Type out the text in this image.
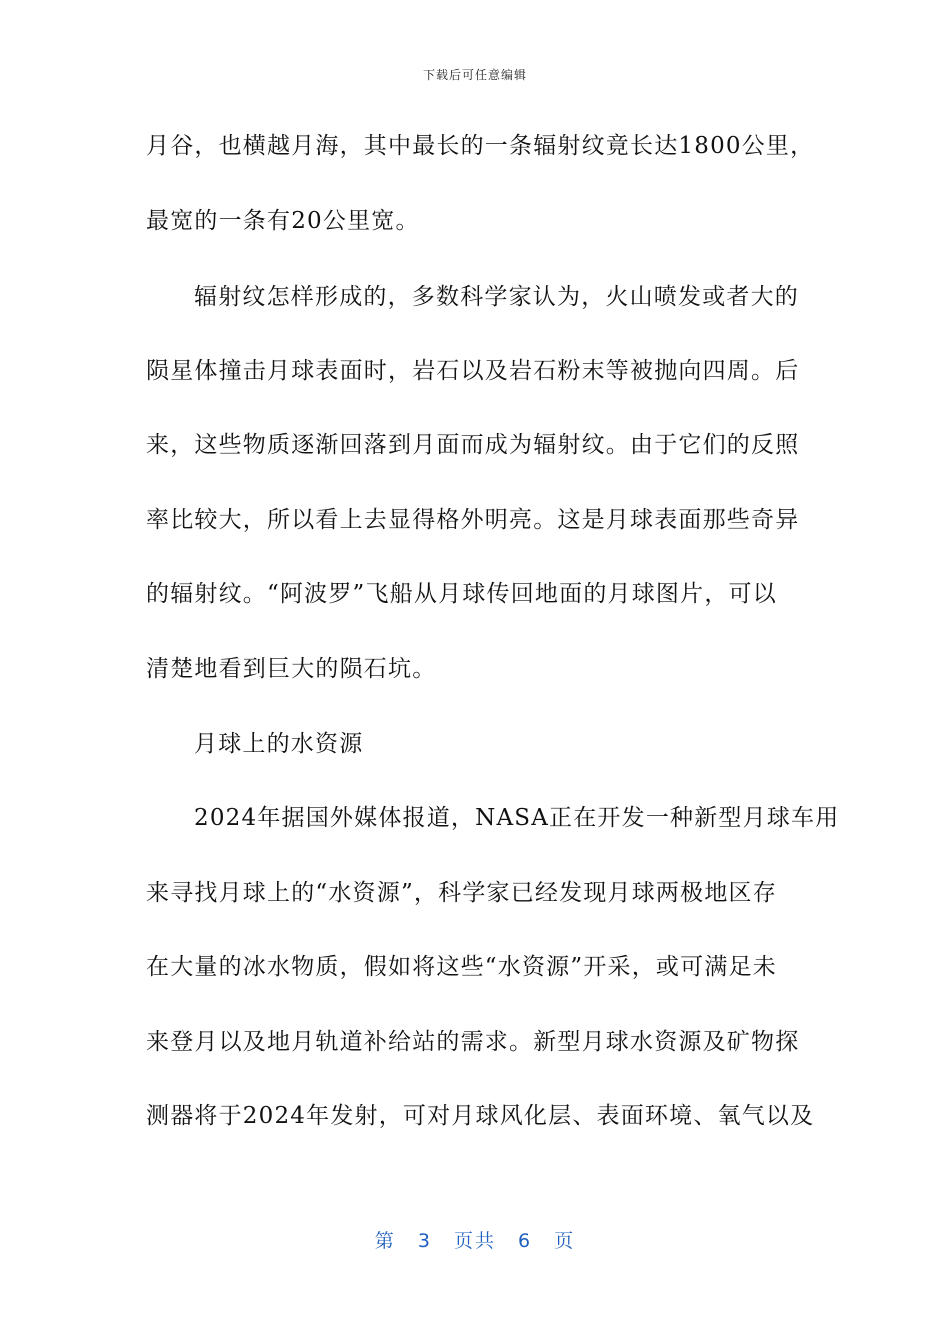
下载后可任意编辑
月谷，也横越月海，其中最长的一条辐射纹竟长达1800公里，
最宽的一条有20公里宽。
辐射纹怎样形成的，多数科学家认为，火山喷发或者大的
陨星体撞击月球表面时，岩石以及岩石粉末等被抛向四周。后
来，这些物质逐渐回落到月面而成为辐射纹。由于它们的反照
率比较大，所以看上去显得格外明亮。这是月球表面那些奇异
的辐射纹。“阿波罗”飞船从月球传回地面的月球图片，可以
清楚地看到巨大的陨石坑。
月球上的水资源
2024年据国外媒体报道，NASA正在开发一种新型月球车用
来寻找月球上的“水资源”，科学家已经发现月球两极地区存
在大量的冰水物质，假如将这些“水资源”开采，或可满足未
来登月以及地月轨道补给站的需求。新型月球水资源及矿物探
测器将于2024年发射，可对月球风化层、表面环境、氧气以及
第 3 页共 6 页
